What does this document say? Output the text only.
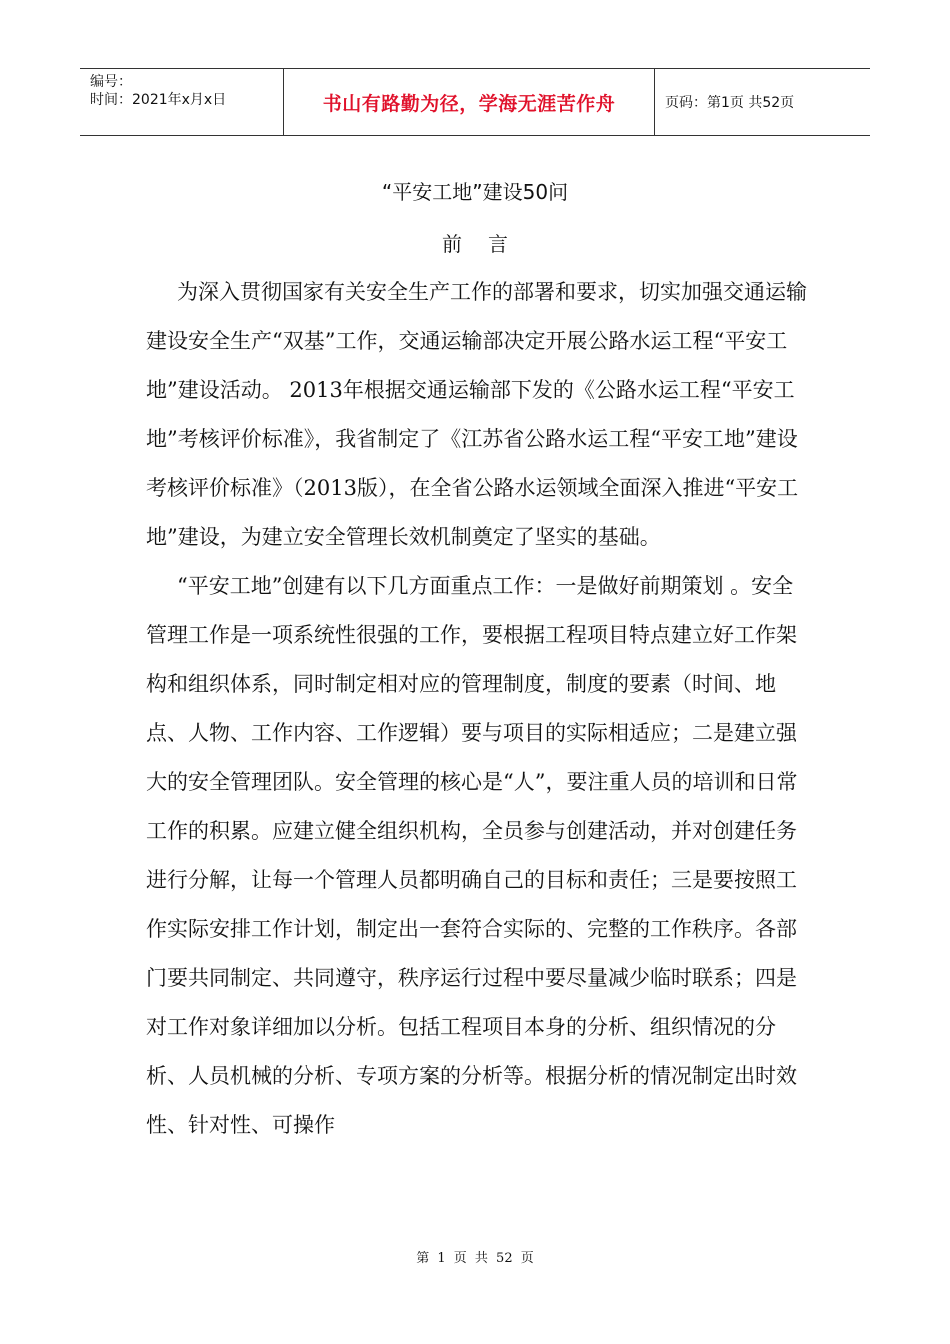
编号：
时间：2021年x月x日	书山有路勤为径，学海无涯苦作舟	页码：第1页 共52页
“平安工地”建设50问
前言

为深入贯彻国家有关安全生产工作的部署和要求，切实加强交通运输建设安全生产“双基”工作，交通运输部决定开展公路水运工程“平安工地”建设活动。 2013年根据交通运输部下发的《公路水运工程“平安工地”考核评价标准》，我省制定了《江苏省公路水运工程“平安工地”建设考核评价标准》（2013版），在全省公路水运领域全面深入推进“平安工地”建设，为建立安全管理长效机制奠定了坚实的基础。

“平安工地”创建有以下几方面重点工作：一是做好前期策划 。安全管理工作是一项系统性很强的工作，要根据工程项目特点建立好工作架构和组织体系，同时制定相对应的管理制度，制度的要素（时间、地点、人物、工作内容、工作逻辑）要与项目的实际相适应；二是建立强大的安全管理团队。安全管理的核心是“人”，要注重人员的培训和日常工作的积累。应建立健全组织机构，全员参与创建活动，并对创建任务进行分解，让每一个管理人员都明确自己的目标和责任；三是要按照工作实际安排工作计划，制定出一套符合实际的、完整的工作秩序。各部门要共同制定、共同遵守，秩序运行过程中要尽量减少临时联系；四是对工作对象详细加以分析。包括工程项目本身的分析、组织情况的分析、人员机械的分析、专项方案的分析等。根据分析的情况制定出时效性、针对性、可操作

第 1 页 共 52 页
